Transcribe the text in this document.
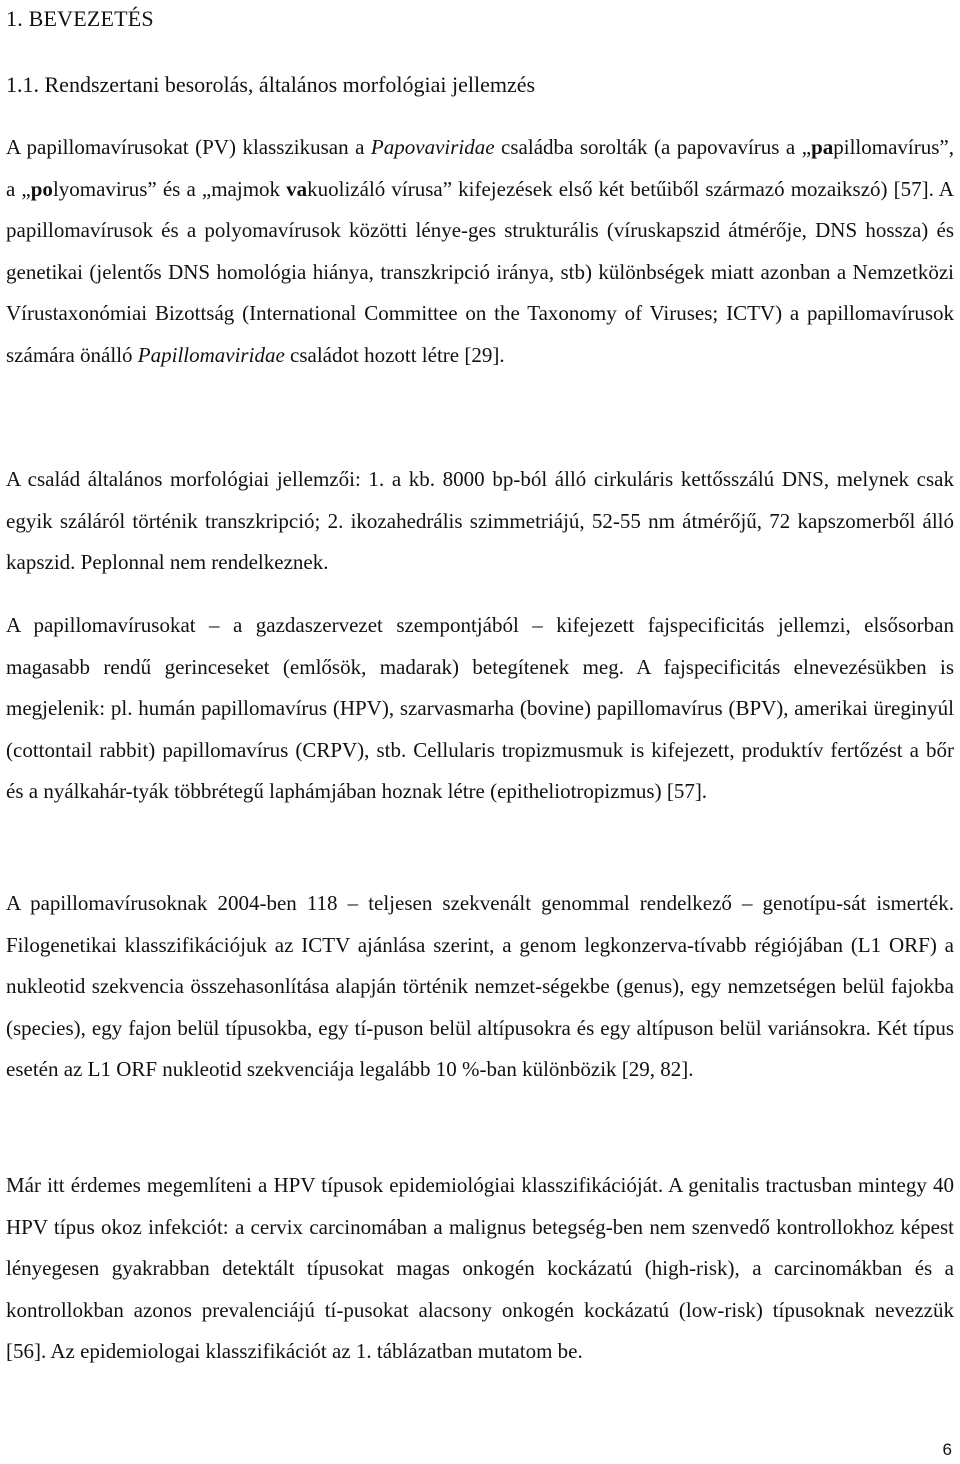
1. BEVEZETÉS
1.1. Rendszertani besorolás, általános morfológiai jellemzés

A papillomavírusokat (PV) klasszikusan a Papovaviridae családba sorolták (a papovavírus a „papillomavírus”, a „polyomavirus” és a „majmok vakuolizáló vírusa” kifejezések első két betűiből származó mozaikszó) [57]. A papillomavírusok és a polyomavírusok közötti lénye-ges strukturális (víruskapszid átmérője, DNS hossza) és genetikai (jelentős DNS homológia hiánya, transzkripció iránya, stb) különbségek miatt azonban a Nemzetközi Vírustaxonómiai Bizottság (International Committee on the Taxonomy of Viruses; ICTV) a papillomavírusok számára önálló Papillomaviridae családot hozott létre [29].

A család általános morfológiai jellemzői: 1. a kb. 8000 bp-ból álló cirkuláris kettősszálú DNS, melynek csak egyik száláról történik transzkripció; 2. ikozahedrális szimmetriájú, 52-55 nm átmérőjű, 72 kapszomerből álló kapszid. Peplonnal nem rendelkeznek.

A papillomavírusokat – a gazdaszervezet szempontjából – kifejezett fajspecificitás jellemzi, elsősorban magasabb rendű gerinceseket (emlősök, madarak) betegítenek meg. A fajspecificitás elnevezésükben is megjelenik: pl. humán papillomavírus (HPV), szarvasmarha (bovine) papillomavírus (BPV), amerikai üreginyúl (cottontail rabbit) papillomavírus (CRPV), stb. Cellularis tropizmusmuk is kifejezett, produktív fertőzést a bőr és a nyálkahár-tyák többrétegű laphámjában hoznak létre (epitheliotropizmus) [57].

A papillomavírusoknak 2004-ben 118 – teljesen szekvenált genommal rendelkező – genotípu-sát ismerték. Filogenetikai klasszifikációjuk az ICTV ajánlása szerint, a genom legkonzerva-tívabb régiójában (L1 ORF) a nukleotid szekvencia összehasonlítása alapján történik nemzet-ségekbe (genus), egy nemzetségen belül fajokba (species), egy fajon belül típusokba, egy tí-puson belül altípusokra és egy altípuson belül variánsokra. Két típus esetén az L1 ORF nukleotid szekvenciája legalább 10 %-ban különbözik [29, 82].

Már itt érdemes megemlíteni a HPV típusok epidemiológiai klasszifikációját. A genitalis tractusban mintegy 40 HPV típus okoz infekciót: a cervix carcinomában a malignus betegség-ben nem szenvedő kontrollokhoz képest lényegesen gyakrabban detektált típusokat magas onkogén kockázatú (high-risk), a carcinomákban és a kontrollokban azonos prevalenciájú tí-pusokat alacsony onkogén kockázatú (low-risk) típusoknak nevezzük [56]. Az epidemiologai klasszifikációt az 1. táblázatban mutatom be.

6
